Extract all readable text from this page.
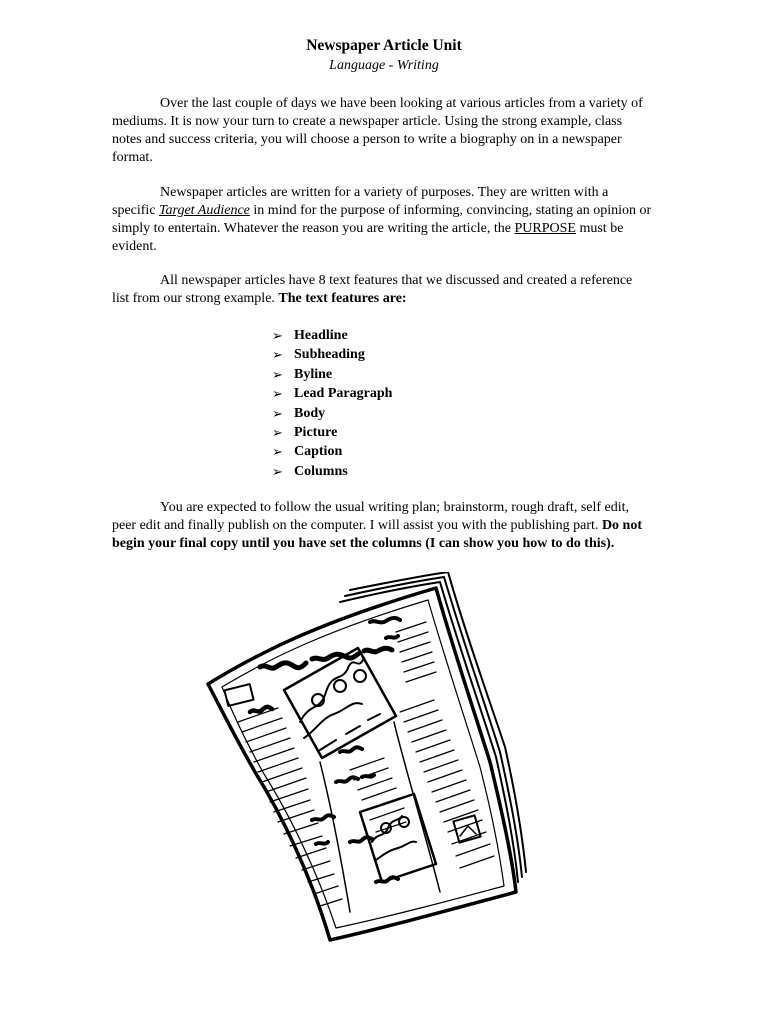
Newspaper Article Unit
Language - Writing

Over the last couple of days we have been looking at various articles from a variety of mediums. It is now your turn to create a newspaper article. Using the strong example, class notes and success criteria, you will choose a person to write a biography on in a newspaper format.

Newspaper articles are written for a variety of purposes. They are written with a specific Target Audience in mind for the purpose of informing, convincing, stating an opinion or simply to entertain. Whatever the reason you are writing the article, the PURPOSE must be evident.

All newspaper articles have 8 text features that we discussed and created a reference list from our strong example. The text features are:

➢ Headline
➢ Subheading
➢ Byline
➢ Lead Paragraph
➢ Body
➢ Picture
➢ Caption
➢ Columns

You are expected to follow the usual writing plan; brainstorm, rough draft, self edit, peer edit and finally publish on the computer. I will assist you with the publishing part. Do not begin your final copy until you have set the columns (I can show you how to do this).
